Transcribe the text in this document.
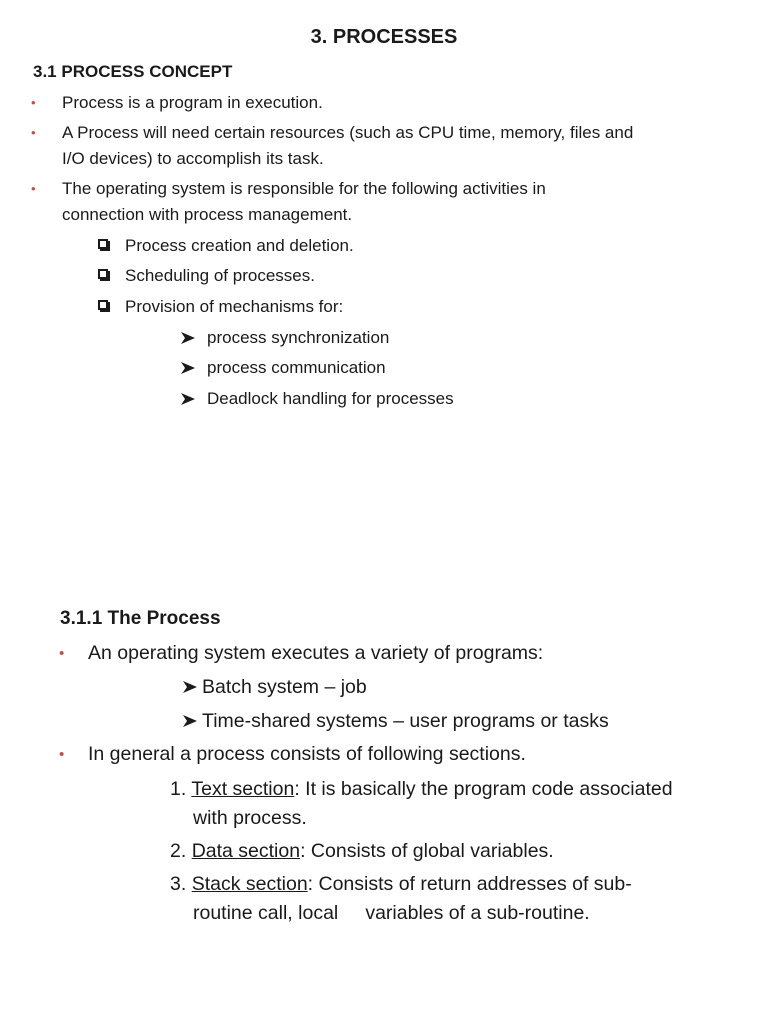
3. PROCESSES
3.1 PROCESS CONCEPT
• Process is a program in execution.
• A Process will need certain resources (such as CPU time, memory, files and
I/O devices) to accomplish its task.
• The operating system is responsible for the following activities in
connection with process management.
Process creation and deletion.
Scheduling of processes.
Provision of mechanisms for:
process synchronization
process communication
Deadlock handling for processes
3.1.1 The Process
• An operating system executes a variety of programs:
Batch system – job
Time-shared systems – user programs or tasks
• In general a process consists of following sections.
1. Text section: It is basically the program code associated
with process.
2. Data section: Consists of global variables.
3. Stack section: Consists of return addresses of sub-
routine call, local     variables of a sub-routine.
